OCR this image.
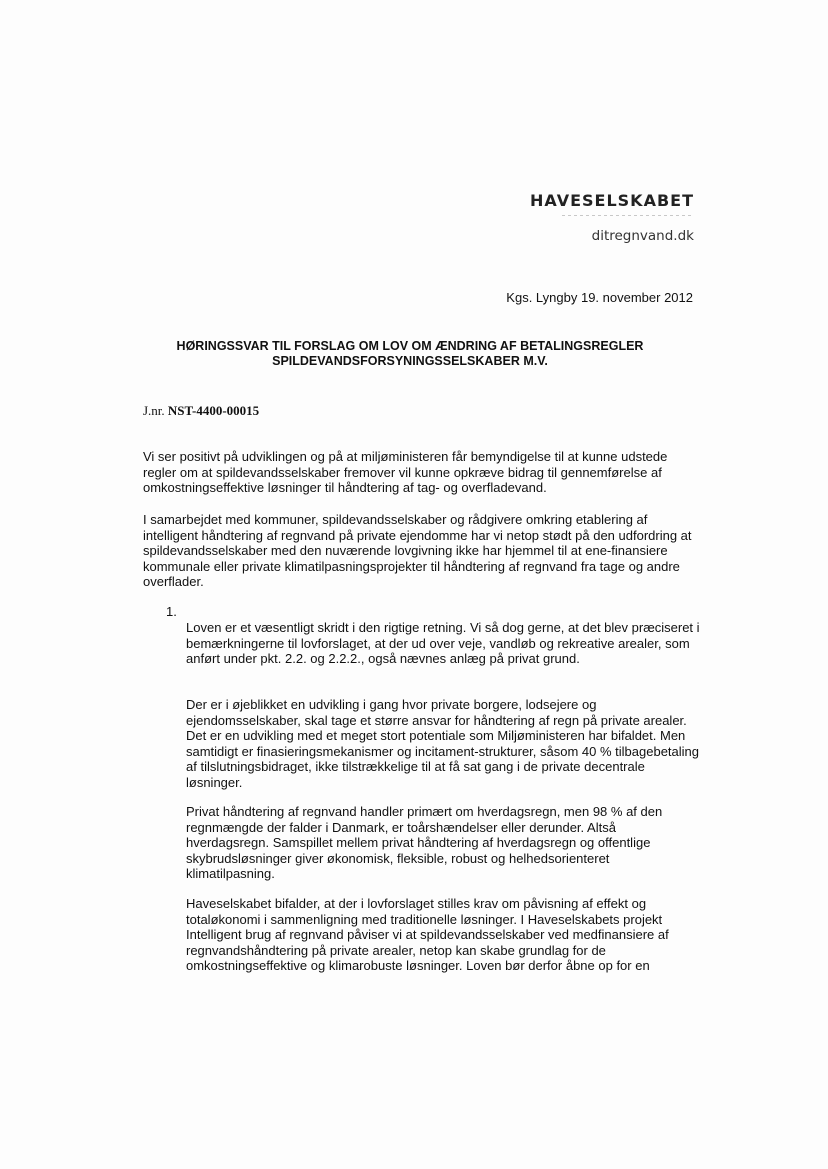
HAVESELSKABET
ditregnvand.dk
Kgs. Lyngby 19. november 2012
HØRINGSSVAR TIL FORSLAG OM LOV OM ÆNDRING AF BETALINGSREGLER
SPILDEVANDSFORSYNINGSSELSKABER M.V.
J.nr. NST-4400-00015

Vi ser positivt på udviklingen og på at miljøministeren får bemyndigelse til at kunne udstede regler om at spildevandsselskaber fremover vil kunne opkræve bidrag til gennemførelse af omkostningseffektive løsninger til håndtering af tag- og overfladevand.

I samarbejdet med kommuner, spildevandsselskaber og rådgivere omkring etablering af intelligent håndtering af regnvand på private ejendomme har vi netop stødt på den udfordring at spildevandsselskaber med den nuværende lovgivning ikke har hjemmel til at ene-finansiere kommunale eller private klimatilpasningsprojekter til håndtering af regnvand fra tage og andre overflader.

1.

Loven er et væsentligt skridt i den rigtige retning. Vi så dog gerne, at det blev præciseret i bemærkningerne til lovforslaget, at der ud over veje, vandløb og rekreative arealer, som anført under pkt. 2.2. og 2.2.2., også nævnes anlæg på privat grund.

Der er i øjeblikket en udvikling i gang hvor private borgere, lodsejere og ejendomsselskaber, skal tage et større ansvar for håndtering af regn på private arealer. Det er en udvikling med et meget stort potentiale som Miljøministeren har bifaldet. Men samtidigt er finasieringsmekanismer og incitament-strukturer, såsom 40 % tilbagebetaling af tilslutningsbidraget, ikke tilstrækkelige til at få sat gang i de private decentrale løsninger.

Privat håndtering af regnvand handler primært om hverdagsregn, men 98 % af den regnmængde der falder i Danmark, er toårshændelser eller derunder. Altså hverdagsregn. Samspillet mellem privat håndtering af hverdagsregn og offentlige skybrudsløsninger giver økonomisk, fleksible, robust og helhedsorienteret klimatilpasning.

Haveselskabet bifalder, at der i lovforslaget stilles krav om påvisning af effekt og totaløkonomi i sammenligning med traditionelle løsninger. I Haveselskabets projekt Intelligent brug af regnvand påviser vi at spildevandsselskaber ved medfinansiere af regnvandshåndtering på private arealer, netop kan skabe grundlag for de omkostningseffektive og klimarobuste løsninger. Loven bør derfor åbne op for en
